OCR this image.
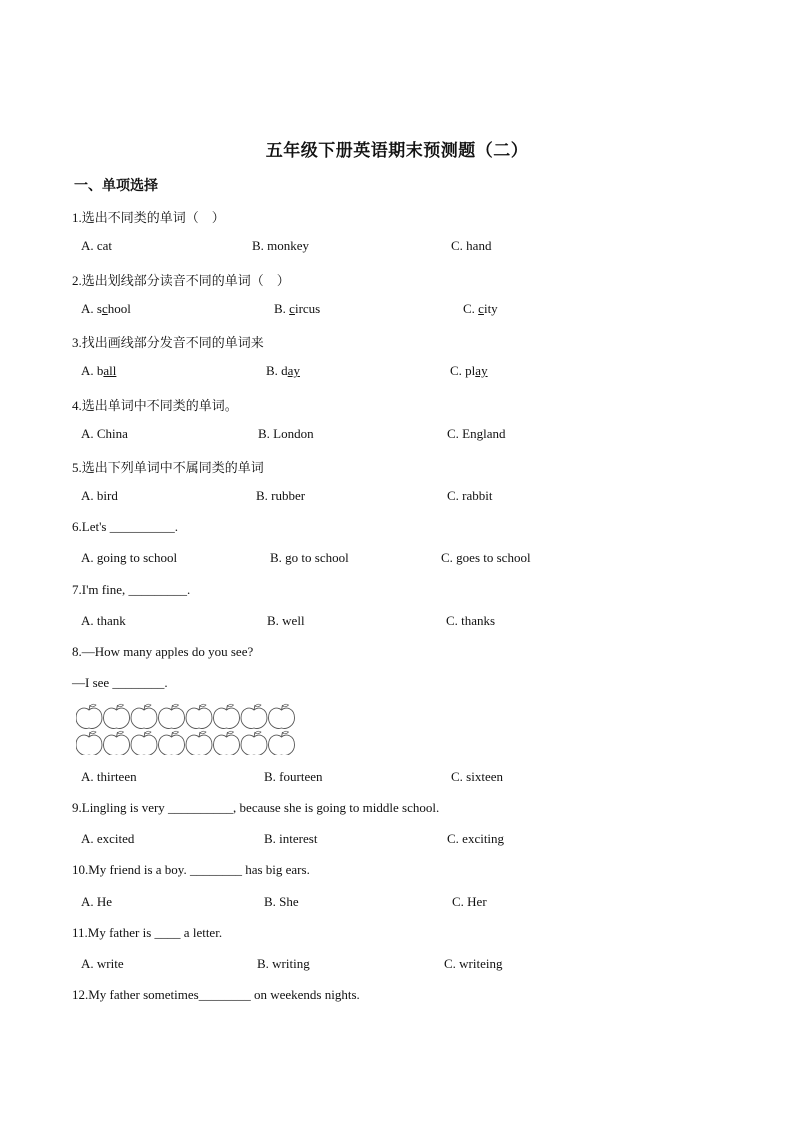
五年级下册英语期末预测题（二）
一、单项选择
1.选出不同类的单词（　）
A. cat	B. monkey	C. hand
2.选出划线部分读音不同的单词（　）
A. school	B. circus	C. city
3.找出画线部分发音不同的单词来
A. ball	B. day	C. play
4.选出单词中不同类的单词。
A. China	B. London	C. England
5.选出下列单词中不属同类的单词
A. bird	B. rubber	C. rabbit
6.Let's __________.
A. going to school	B. go to school	C. goes to school
7.I'm fine, _________.
A. thank	B. well	C. thanks
8.—How many apples do you see?
—I see ________.
A. thirteen	B. fourteen	C. sixteen
9.Lingling is very __________, because she is going to middle school.
A. excited	B. interest	C. exciting
10.My friend is a boy. ________ has big ears.
A. He	B. She	C. Her
11.My father is ____ a letter.
A. write	B. writing	C. writeing
12.My father sometimes________ on weekends nights.
